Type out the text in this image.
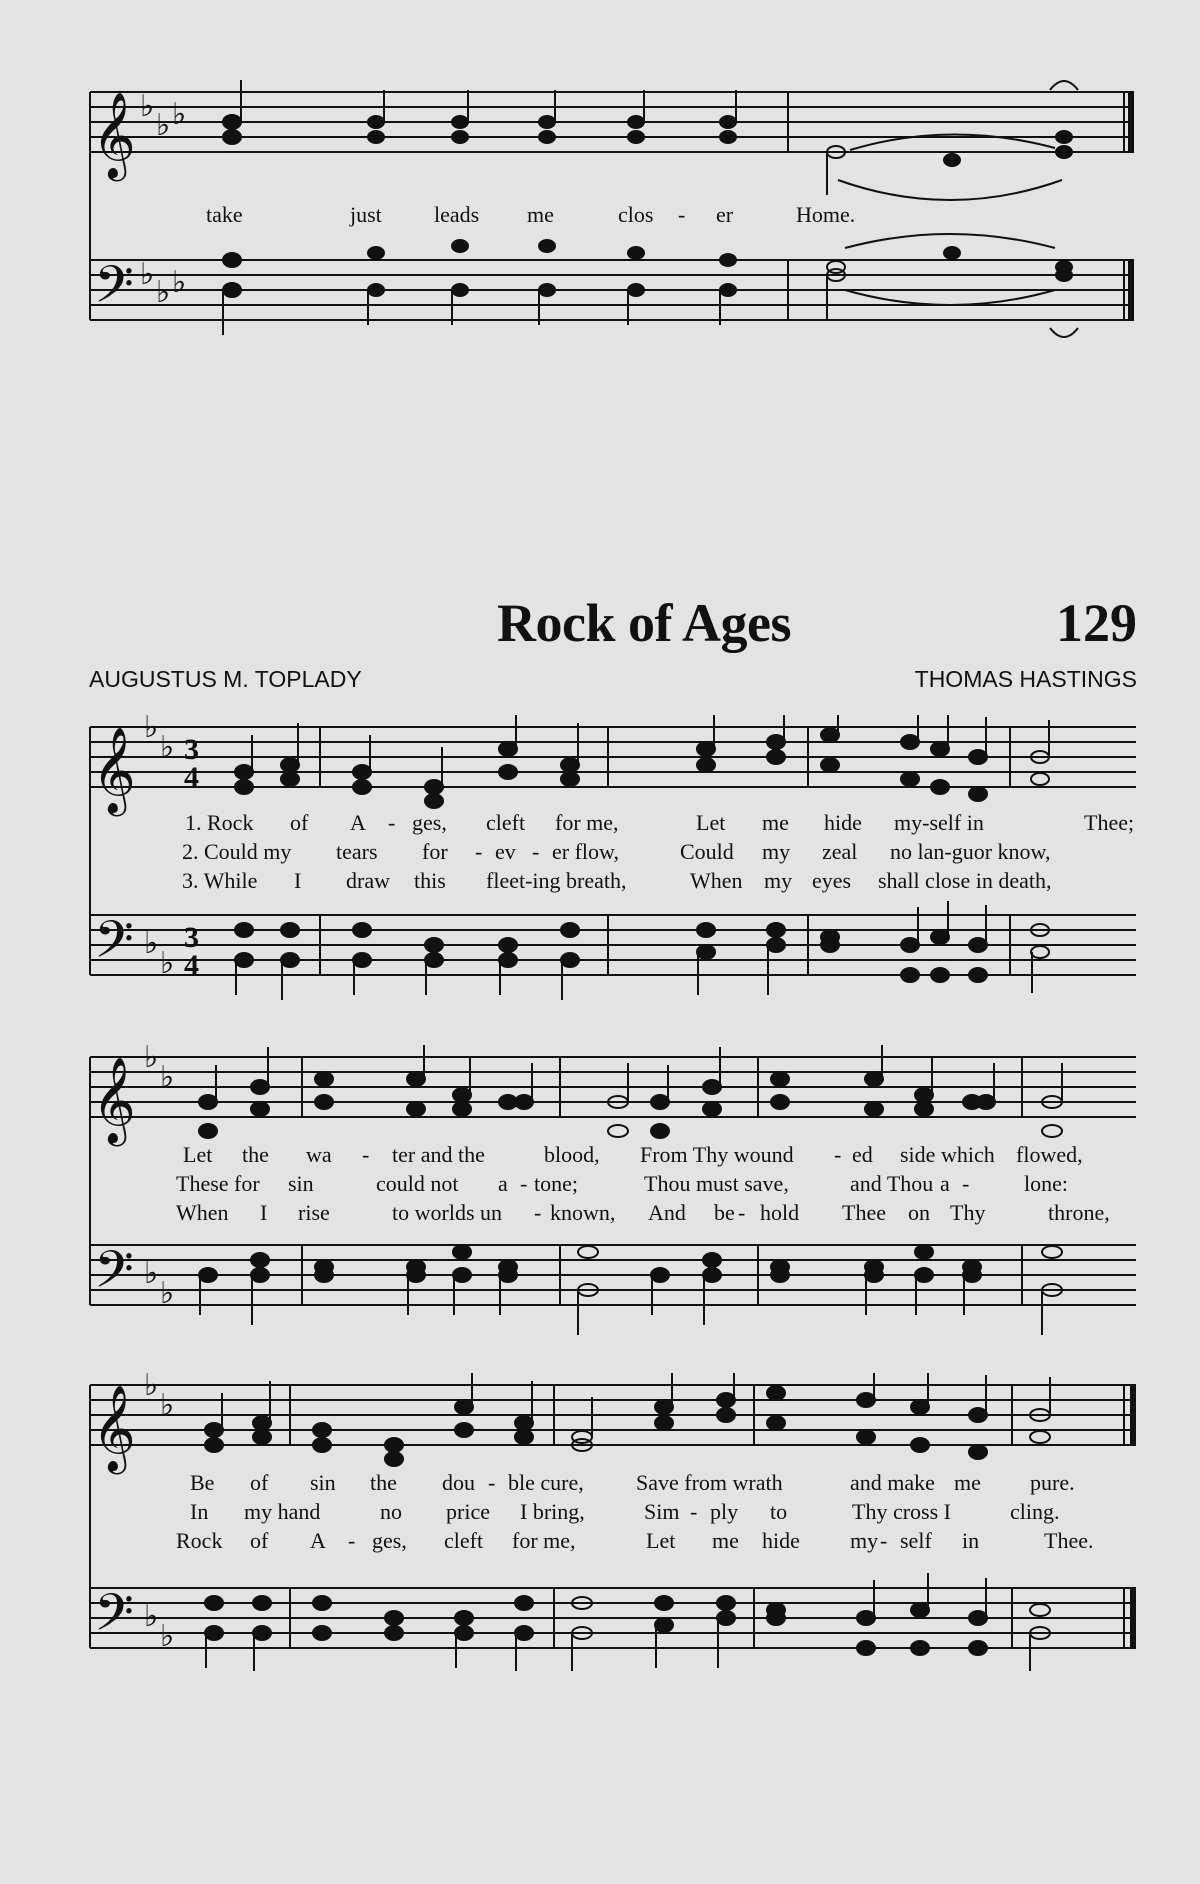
𝄞
𝄢
♭
♭ ♭
♭
♭ ♭
take	just leads me	clos - er	Home.
Rock of Ages	129
AUGUSTUS M. TOPLADY	THOMAS HASTINGS
𝄞
𝄢
♭
♭
♭
♭
3
4
3
4
1. Rock of A - ges, cleft for me,	Let me hide my-self in	Thee;
2. Could my tears for - ev - er flow,	Could my zeal no lan-guor know,
3. While I draw this fleet-ing breath,	When my eyes shall close in death,
𝄞
𝄢
♭
♭
♭
♭
Let the wa - ter and the	blood, From Thy wound - ed side which flowed,
These for sin	could not a - tone;	Thou must save,	and Thou a - lone:
When I rise	to worlds un - known, And be - hold Thee on Thy	throne,
𝄞
𝄢
♭
♭
♭
♭
Be of sin the dou - ble cure, Save from wrath	and make me pure.
In my hand	no price I bring,	Sim - ply to	Thy cross I	cling.
Rock of A - ges, cleft for me,	Let me hide my - self in	Thee.
